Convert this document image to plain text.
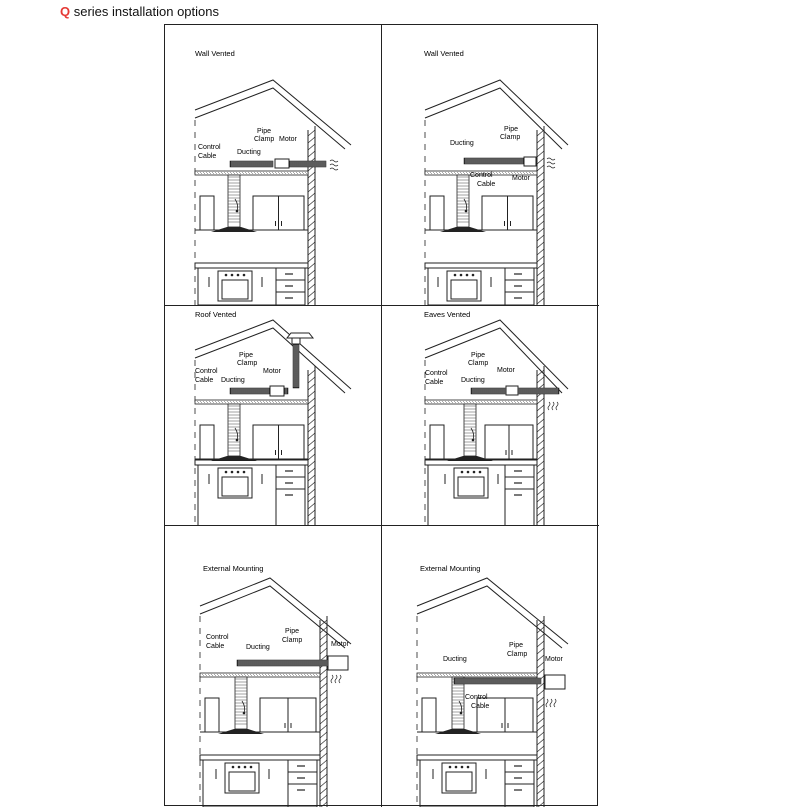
Q series installation options
Wall Vented
Control
Cable
Ducting
Pipe
Clamp Motor
Wall Vented
Ducting
Pipe
Clamp
Motor
Control
Cable
Roof Vented
Control
Cable Ducting
Pipe
Clamp
Motor
Eaves Vented
Control
Cable	Ducting
Pipe
Clamp
Motor
External Mounting
Control
Cable	Ducting
Pipe
Clamp
Motor
External Mounting
Ducting
Pipe
Clamp
Motor
Control
Cable
